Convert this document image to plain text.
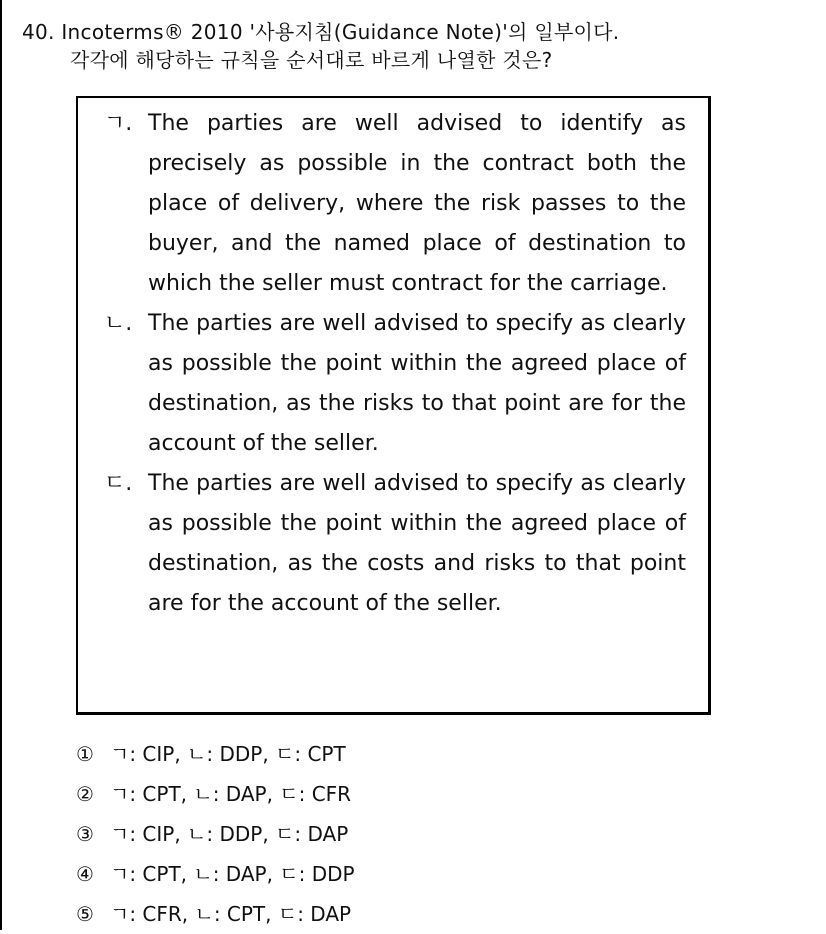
40. Incoterms® 2010 '사용지침(Guidance Note)'의 일부이다.
각각에 해당하는 규칙을 순서대로 바르게 나열한 것은?
ㄱ. The parties are well advised to identify as precisely as possible in the contract both the place of delivery, where the risk passes to the buyer, and the named place of destination to which the seller must contract for the carriage.
ㄴ. The parties are well advised to specify as clearly as possible the point within the agreed place of destination, as the risks to that point are for the account of the seller.
ㄷ. The parties are well advised to specify as clearly as possible the point within the agreed place of destination, as the costs and risks to that point are for the account of the seller.
① ㄱ: CIP, ㄴ: DDP, ㄷ: CPT
② ㄱ: CPT, ㄴ: DAP, ㄷ: CFR
③ ㄱ: CIP, ㄴ: DDP, ㄷ: DAP
④ ㄱ: CPT, ㄴ: DAP, ㄷ: DDP
⑤ ㄱ: CFR, ㄴ: CPT, ㄷ: DAP
